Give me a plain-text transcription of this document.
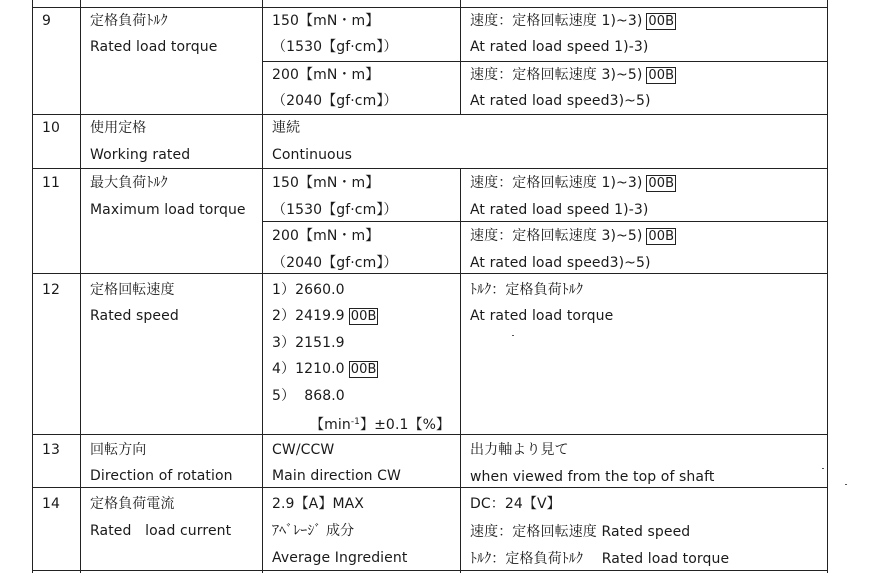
9	定格負荷ﾄﾙｸ
Rated load torque
150【mN・m】
（1530【gf·cm】）
速度：定格回転速度 1)~3) 00B
At rated load speed 1)-3)
200【mN・m】
（2040【gf·cm】）
速度：定格回転速度 3)~5) 00B
At rated load speed3)~5)
10 使用定格
Working rated
連続
Continuous
11 最大負荷ﾄﾙｸ
Maximum load torque
150【mN・m】
（1530【gf·cm】）
速度：定格回転速度 1)~3) 00B
At rated load speed 1)-3)
200【mN・m】
（2040【gf·cm】）
速度：定格回転速度 3)~5) 00B
At rated load speed3)~5)
12 定格回転速度
Rated speed
1）2660.0
2）2419.9 00B
3）2151.9
4）1210.0 00B
5）  868.0
【$\min^{-1}$】±0.1【%】
ﾄﾙｸ：定格負荷ﾄﾙｸ
At rated load torque
13 回転方向
Direction of rotation
CW/CCW
Main direction CW
出力軸より見て
when viewed from the top of shaft
14 定格負荷電流
Rated   load current
2.9【A】MAX
ｱﾍﾞﾚｰｼﾞ 成分
Average Ingredient
DC：24【V】
速度：定格回転速度 Rated speed
ﾄﾙｸ：定格負荷ﾄﾙｸ　 Rated load torque
